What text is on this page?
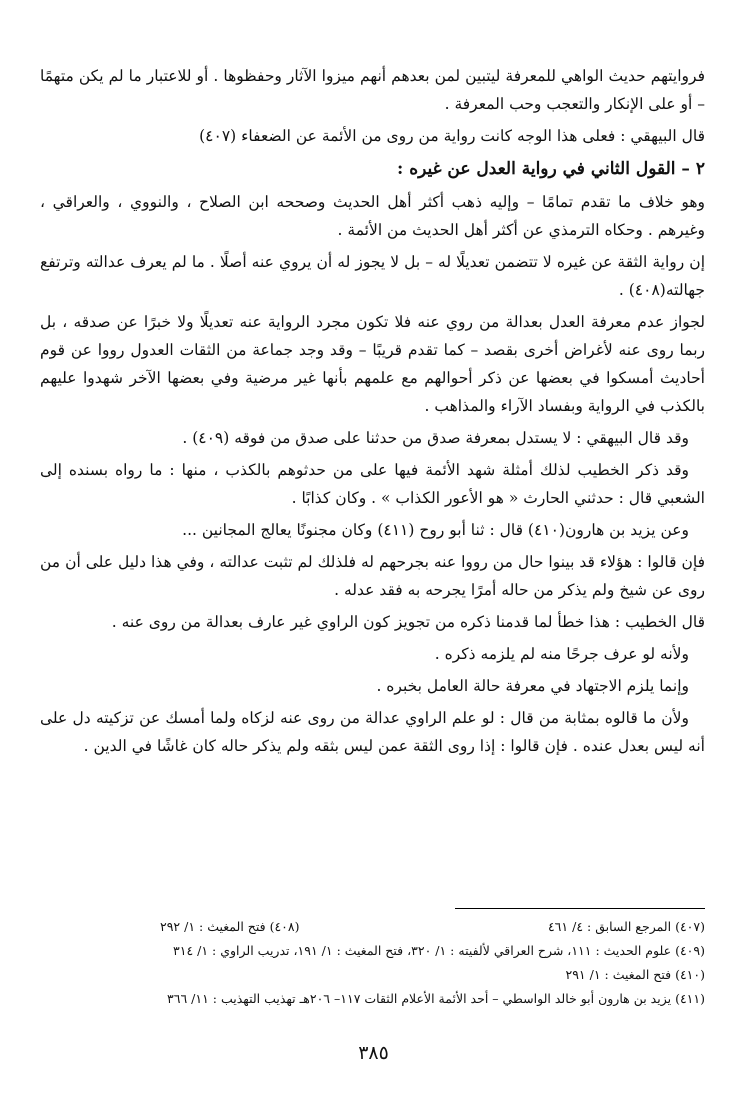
فروايتهم حديث الواهي للمعرفة ليتبين لمن بعدهم أنهم ميزوا الآثار وحفظوها . أو للاعتبار ما لم يكن متهمًا – أو على الإنكار والتعجب وحب المعرفة .

قال البيهقي : فعلى هذا الوجه كانت رواية من روى من الأئمة عن الضعفاء (٤٠٧)

٢ – القول الثاني في رواية العدل عن غيره :

وهو خلاف ما تقدم تمامًا – وإليه ذهب أكثر أهل الحديث وصححه ابن الصلاح ، والنووي ، والعراقي ، وغيرهم . وحكاه الترمذي عن أكثر أهل الحديث من الأئمة .

إن رواية الثقة عن غيره لا تتضمن تعديلًا له – بل لا يجوز له أن يروي عنه أصلًا . ما لم يعرف عدالته وترتفع جهالته(٤٠٨) .

لجواز عدم معرفة العدل بعدالة من روي عنه فلا تكون مجرد الرواية عنه تعديلًا ولا خبرًا عن صدقه ، بل ربما روى عنه لأغراض أخرى بقصد – كما تقدم قريبًا – وقد وجد جماعة من الثقات العدول رووا عن قوم أحاديث أمسكوا في بعضها عن ذكر أحوالهم مع علمهم بأنها غير مرضية وفي بعضها الآخر شهدوا عليهم بالكذب في الرواية وبفساد الآراء والمذاهب .

وقد قال البيهقي : لا يستدل بمعرفة صدق من حدثنا على صدق من فوقه (٤٠٩) .

وقد ذكر الخطيب لذلك أمثلة شهد الأئمة فيها على من حدثوهم بالكذب ، منها : ما رواه بسنده إلى الشعبي قال : حدثني الحارث « هو الأعور الكذاب » . وكان كذابًا .

وعن يزيد بن هارون(٤١٠) قال : ثنا أبو روح (٤١١) وكان مجنونًا يعالج المجانين ...

فإن قالوا : هؤلاء قد بينوا حال من رووا عنه بجرحهم له فلذلك لم تثبت عدالته ، وفي هذا دليل على أن من روى عن شيخ ولم يذكر من حاله أمرًا يجرحه به فقد عدله .

قال الخطيب : هذا خطأ لما قدمنا ذكره من تجويز كون الراوي غير عارف بعدالة من روى عنه .

ولأنه لو عرف جرحًا منه لم يلزمه ذكره .

وإنما يلزم الاجتهاد في معرفة حالة العامل بخبره .

ولأن ما قالوه بمثابة من قال : لو علم الراوي عدالة من روى عنه لزكاه ولما أمسك عن تزكيته دل على أنه ليس بعدل عنده . فإن قالوا : إذا روى الثقة عمن ليس بثقه ولم يذكر حاله كان غاشًا في الدين .

(٤٠٧) المرجع السابق : ٤/ ٤٦١
(٤٠٨) فتح المغيث : ١/ ٢٩٢
(٤٠٩) علوم الحديث : ١١١، شرح العراقي لألفيته : ١/ ٣٢٠، فتح المغيث : ١/ ١٩١، تدريب الراوي : ١/ ٣١٤
(٤١٠) فتح المغيث : ١/ ٢٩١
(٤١١) يزيد بن هارون أبو خالد الواسطي – أحد الأئمة الأعلام الثقات ١١٧– ٢٠٦هـ تهذيب التهذيب : ١١/ ٣٦٦
٣٨٥
